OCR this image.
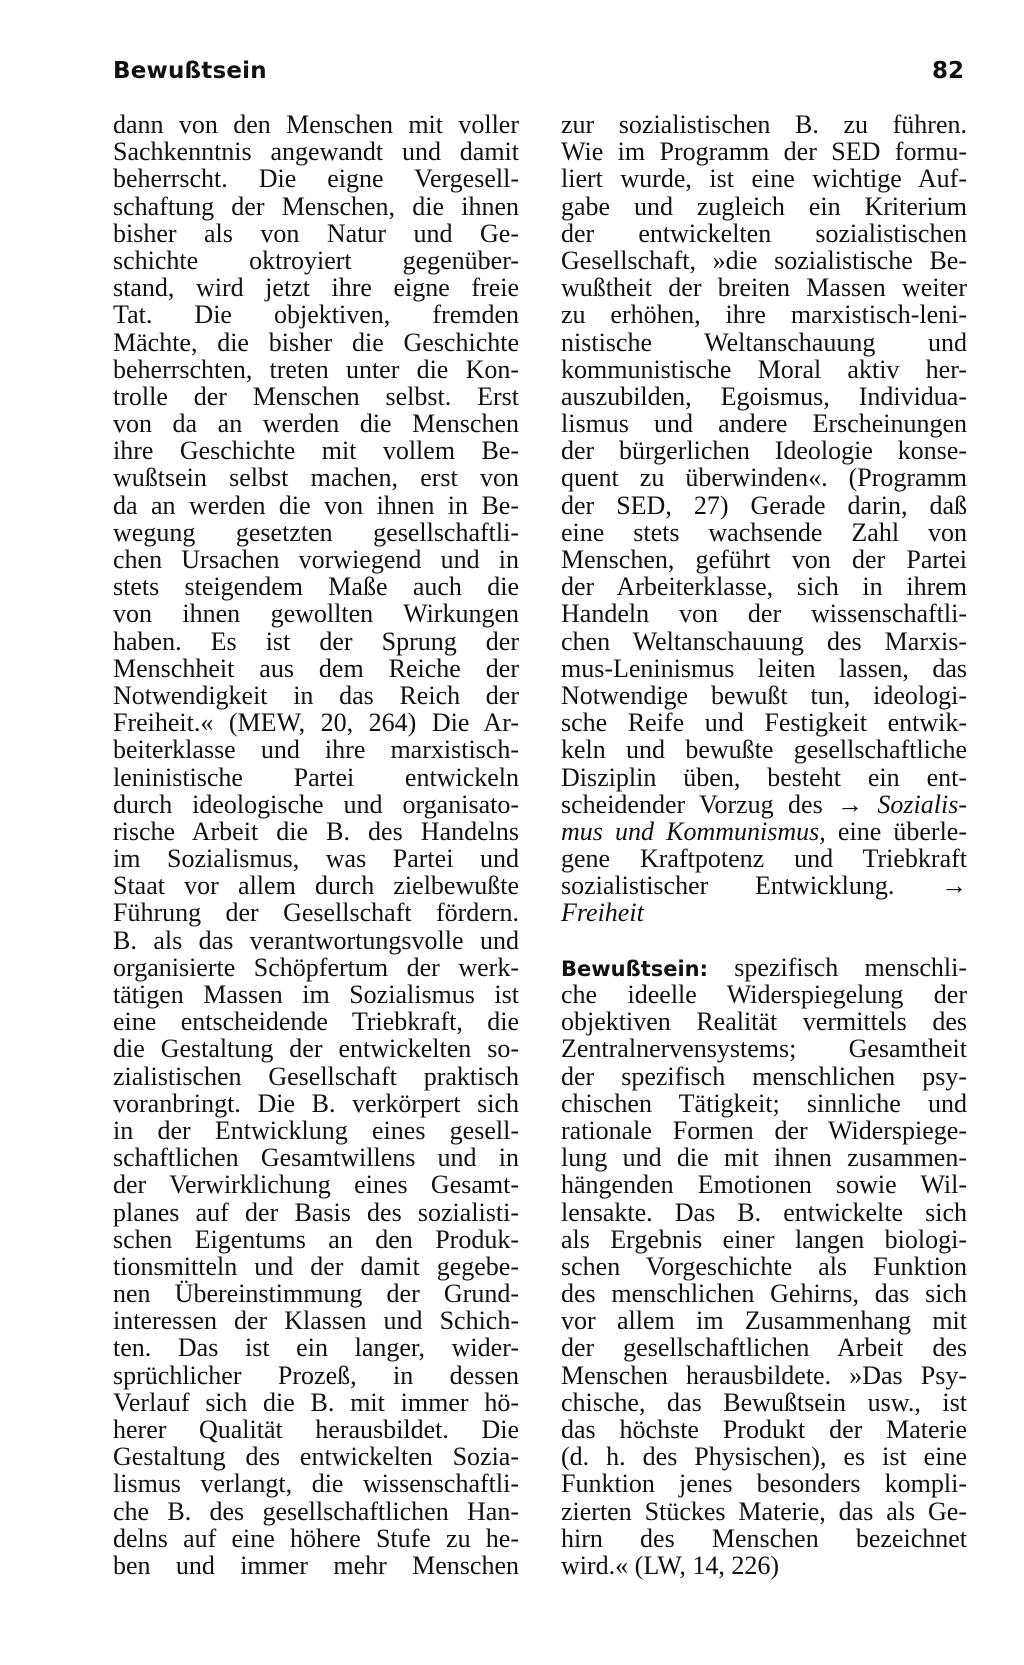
Bewußtsein	82
dann von den Menschen mit voller
Sachkenntnis angewandt und damit
beherrscht. Die eigne Vergesell-
schaftung der Menschen, die ihnen
bisher als von Natur und Ge-
schichte oktroyiert gegenüber-
stand, wird jetzt ihre eigne freie
Tat. Die objektiven, fremden
Mächte, die bisher die Geschichte
beherrschten, treten unter die Kon-
trolle der Menschen selbst. Erst
von da an werden die Menschen
ihre Geschichte mit vollem Be-
wußtsein selbst machen, erst von
da an werden die von ihnen in Be-
wegung gesetzten gesellschaftli-
chen Ursachen vorwiegend und in
stets steigendem Maße auch die
von ihnen gewollten Wirkungen
haben. Es ist der Sprung der
Menschheit aus dem Reiche der
Notwendigkeit in das Reich der
Freiheit.« (MEW, 20, 264) Die Ar-
beiterklasse und ihre marxistisch-
leninistische Partei entwickeln
durch ideologische und organisato-
rische Arbeit die B. des Handelns
im Sozialismus, was Partei und
Staat vor allem durch zielbewußte
Führung der Gesellschaft fördern.
B. als das verantwortungsvolle und
organisierte Schöpfertum der werk-
tätigen Massen im Sozialismus ist
eine entscheidende Triebkraft, die
die Gestaltung der entwickelten so-
zialistischen Gesellschaft praktisch
voranbringt. Die B. verkörpert sich
in der Entwicklung eines gesell-
schaftlichen Gesamtwillens und in
der Verwirklichung eines Gesamt-
planes auf der Basis des sozialisti-
schen Eigentums an den Produk-
tionsmitteln und der damit gegebe-
nen Übereinstimmung der Grund-
interessen der Klassen und Schich-
ten. Das ist ein langer, wider-
sprüchlicher Prozeß, in dessen
Verlauf sich die B. mit immer hö-
herer Qualität herausbildet. Die
Gestaltung des entwickelten Sozia-
lismus verlangt, die wissenschaftli-
che B. des gesellschaftlichen Han-
delns auf eine höhere Stufe zu he-
ben und immer mehr Menschen
zur sozialistischen B. zu führen.
Wie im Programm der SED formu-
liert wurde, ist eine wichtige Auf-
gabe und zugleich ein Kriterium
der entwickelten sozialistischen
Gesellschaft, »die sozialistische Be-
wußtheit der breiten Massen weiter
zu erhöhen, ihre marxistisch-leni-
nistische Weltanschauung und
kommunistische Moral aktiv her-
auszubilden, Egoismus, Individua-
lismus und andere Erscheinungen
der bürgerlichen Ideologie konse-
quent zu überwinden«. (Programm
der SED, 27) Gerade darin, daß
eine stets wachsende Zahl von
Menschen, geführt von der Partei
der Arbeiterklasse, sich in ihrem
Handeln von der wissenschaftli-
chen Weltanschauung des Marxis-
mus-Leninismus leiten lassen, das
Notwendige bewußt tun, ideologi-
sche Reife und Festigkeit entwik-
keln und bewußte gesellschaftliche
Disziplin üben, besteht ein ent-
scheidender Vorzug des → Sozialis-
mus und Kommunismus, eine überle-
gene Kraftpotenz und Triebkraft
sozialistischer Entwicklung. →
Freiheit
Bewußtsein: spezifisch menschli-
che ideelle Widerspiegelung der
objektiven Realität vermittels des
Zentralnervensystems; Gesamtheit
der spezifisch menschlichen psy-
chischen Tätigkeit; sinnliche und
rationale Formen der Widerspiege-
lung und die mit ihnen zusammen-
hängenden Emotionen sowie Wil-
lensakte. Das B. entwickelte sich
als Ergebnis einer langen biologi-
schen Vorgeschichte als Funktion
des menschlichen Gehirns, das sich
vor allem im Zusammenhang mit
der gesellschaftlichen Arbeit des
Menschen herausbildete. »Das Psy-
chische, das Bewußtsein usw., ist
das höchste Produkt der Materie
(d. h. des Physischen), es ist eine
Funktion jenes besonders kompli-
zierten Stückes Materie, das als Ge-
hirn des Menschen bezeichnet
wird.« (LW, 14, 226)
